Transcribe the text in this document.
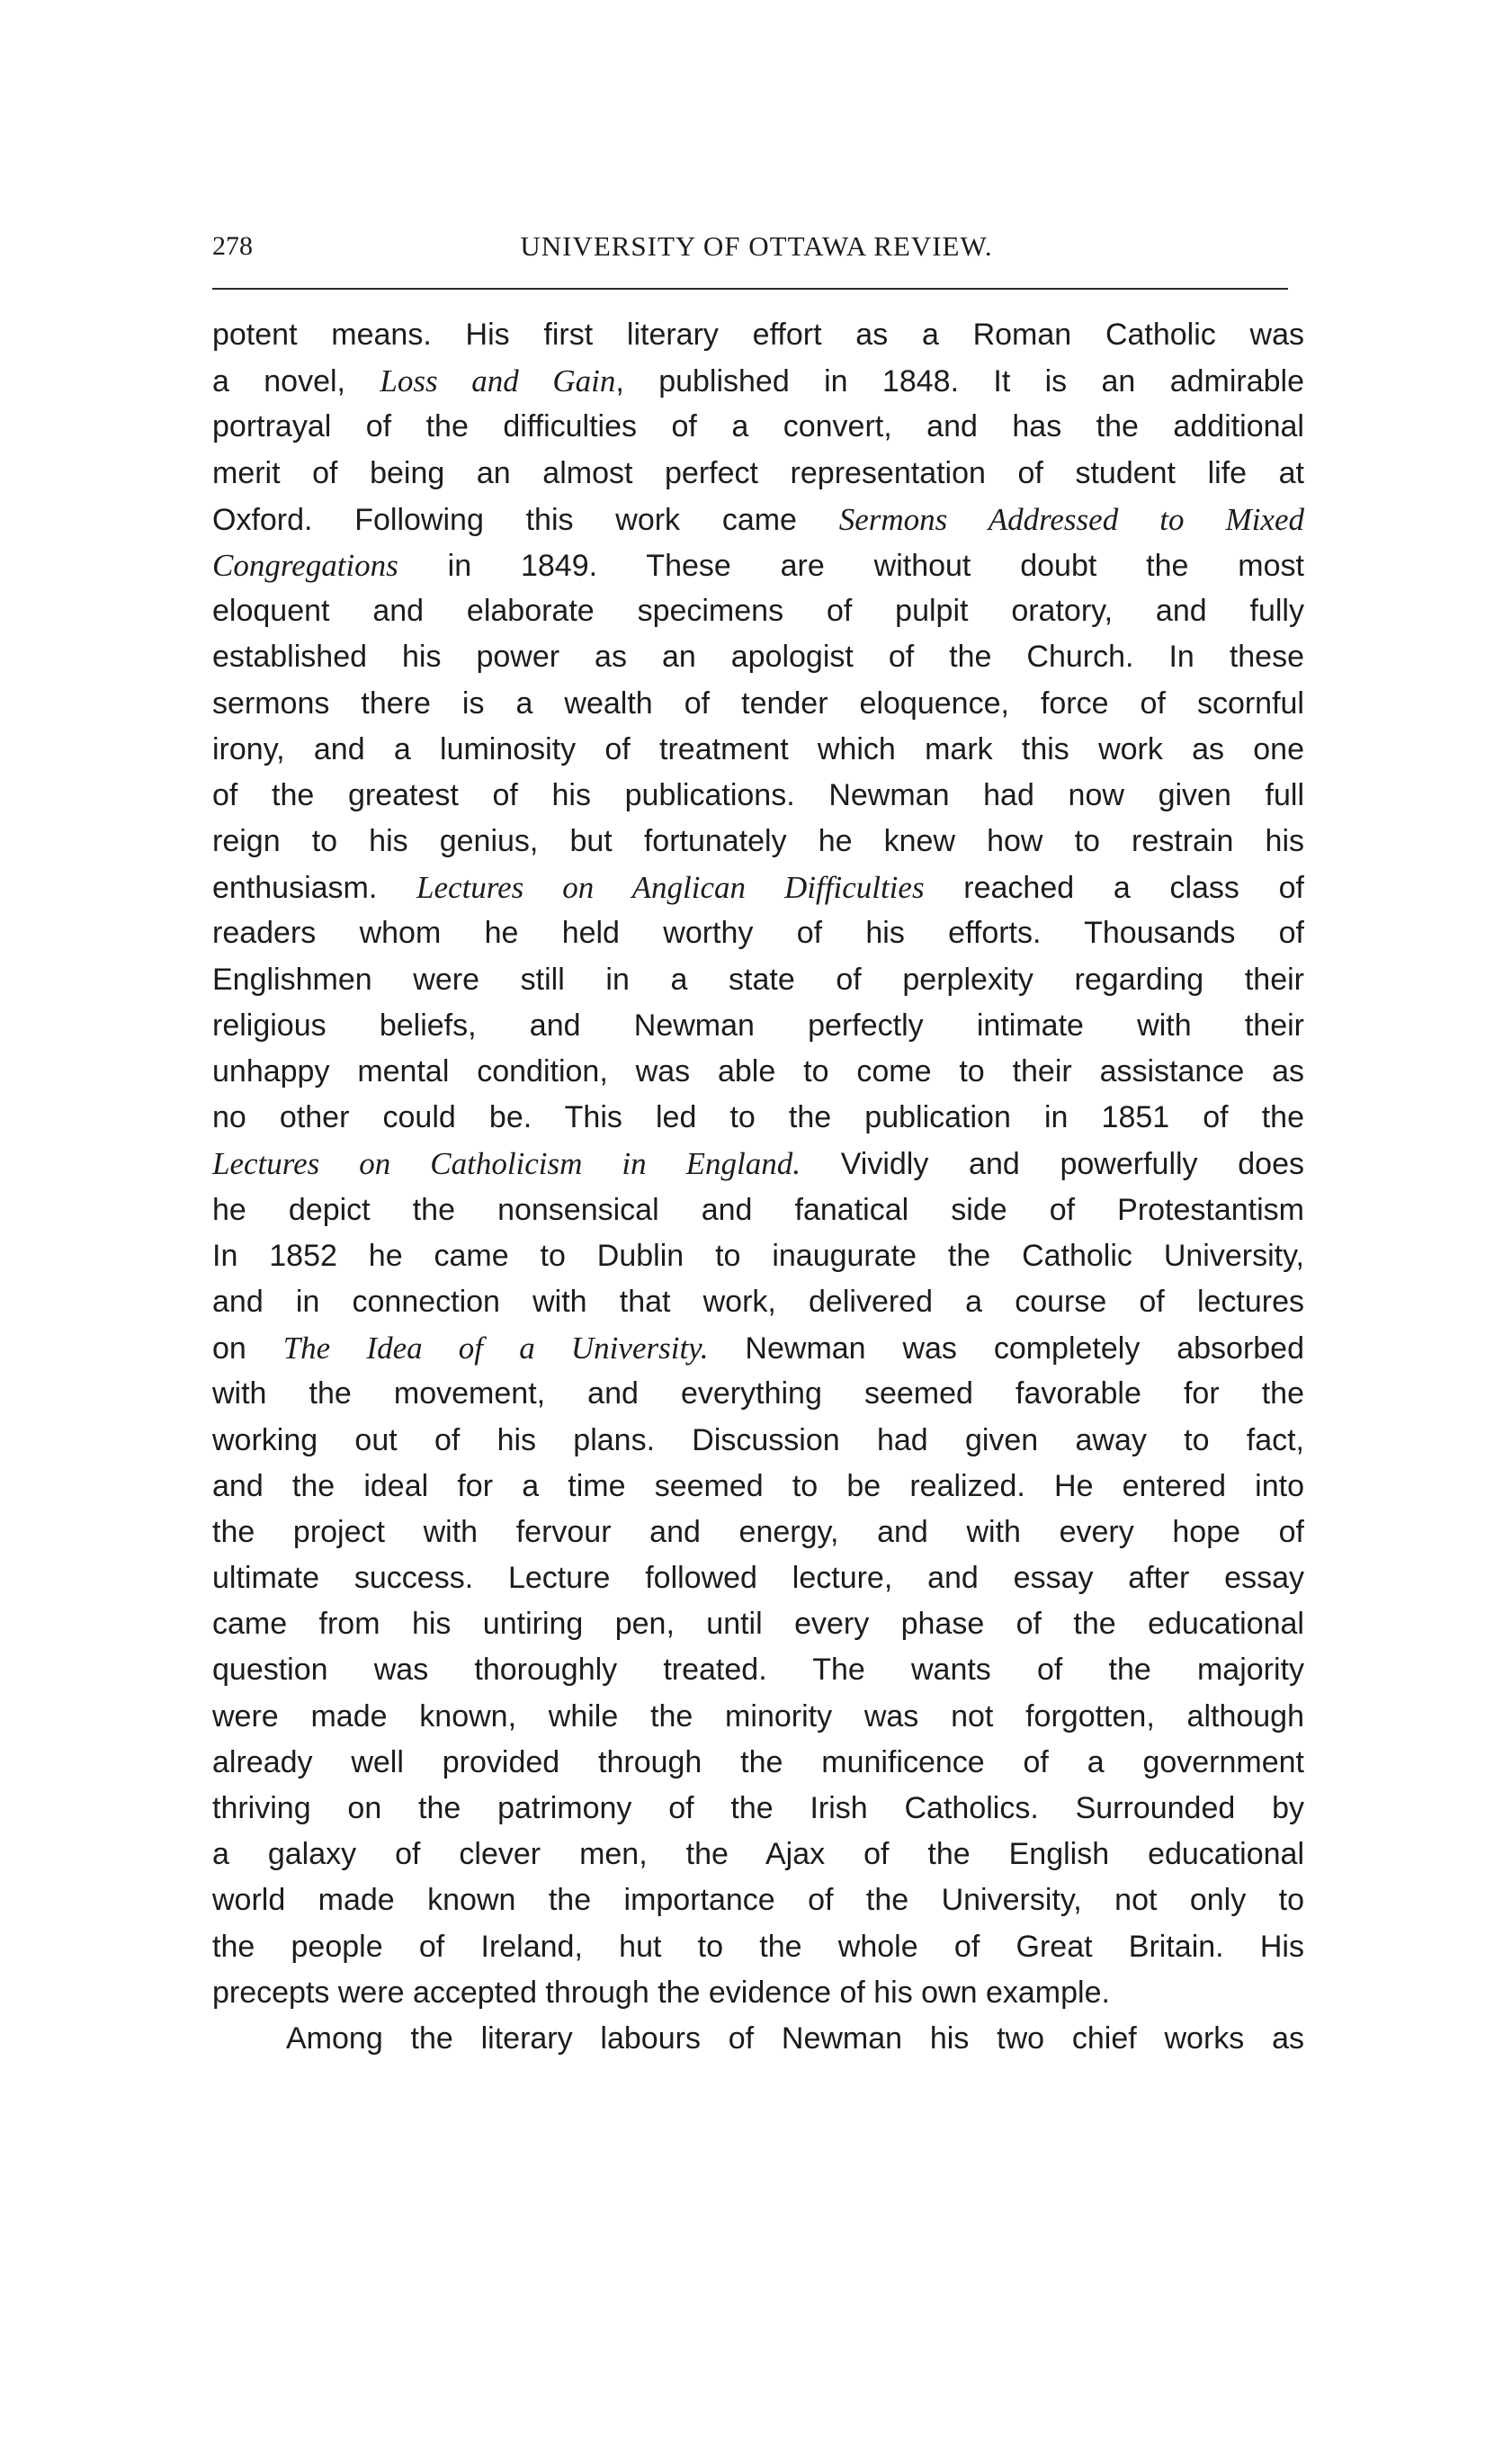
278	UNIVERSITY OF OTTAWA REVIEW.
potent means. His first literary effort as a Roman Catholic was
a novel, Loss and Gain, published in 1848. It is an admirable
portrayal of the difficulties of a convert, and has the additional
merit of being an almost perfect representation of student life at
Oxford. Following this work came Sermons Addressed to Mixed
Congregations in 1849. These are without doubt the most
eloquent and elaborate specimens of pulpit oratory, and fully
established his power as an apologist of the Church. In these
sermons there is a wealth of tender eloquence, force of scornful
irony, and a luminosity of treatment which mark this work as one
of the greatest of his publications. Newman had now given full
reign to his genius, but fortunately he knew how to restrain his
enthusiasm. Lectures on Anglican Difficulties reached a class of
readers whom he held worthy of his efforts. Thousands of
Englishmen were still in a state of perplexity regarding their
religious beliefs, and Newman perfectly intimate with their
unhappy mental condition, was able to come to their assistance as
no other could be. This led to the publication in 1851 of the
Lectures on Catholicism in England. Vividly and powerfully does
he depict the nonsensical and fanatical side of Protestantism
In 1852 he came to Dublin to inaugurate the Catholic University,
and in connection with that work, delivered a course of lectures
on The Idea of a University. Newman was completely absorbed
with the movement, and everything seemed favorable for the
working out of his plans. Discussion had given away to fact,
and the ideal for a time seemed to be realized. He entered into
the project with fervour and energy, and with every hope of
ultimate success. Lecture followed lecture, and essay after essay
came from his untiring pen, until every phase of the educational
question was thoroughly treated. The wants of the majority
were made known, while the minority was not forgotten, although
already well provided through the munificence of a government
thriving on the patrimony of the Irish Catholics. Surrounded by
a galaxy of clever men, the Ajax of the English educational
world made known the importance of the University, not only to
the people of Ireland, hut to the whole of Great Britain. His
precepts were accepted through the evidence of his own example.
Among the literary labours of Newman his two chief works as
